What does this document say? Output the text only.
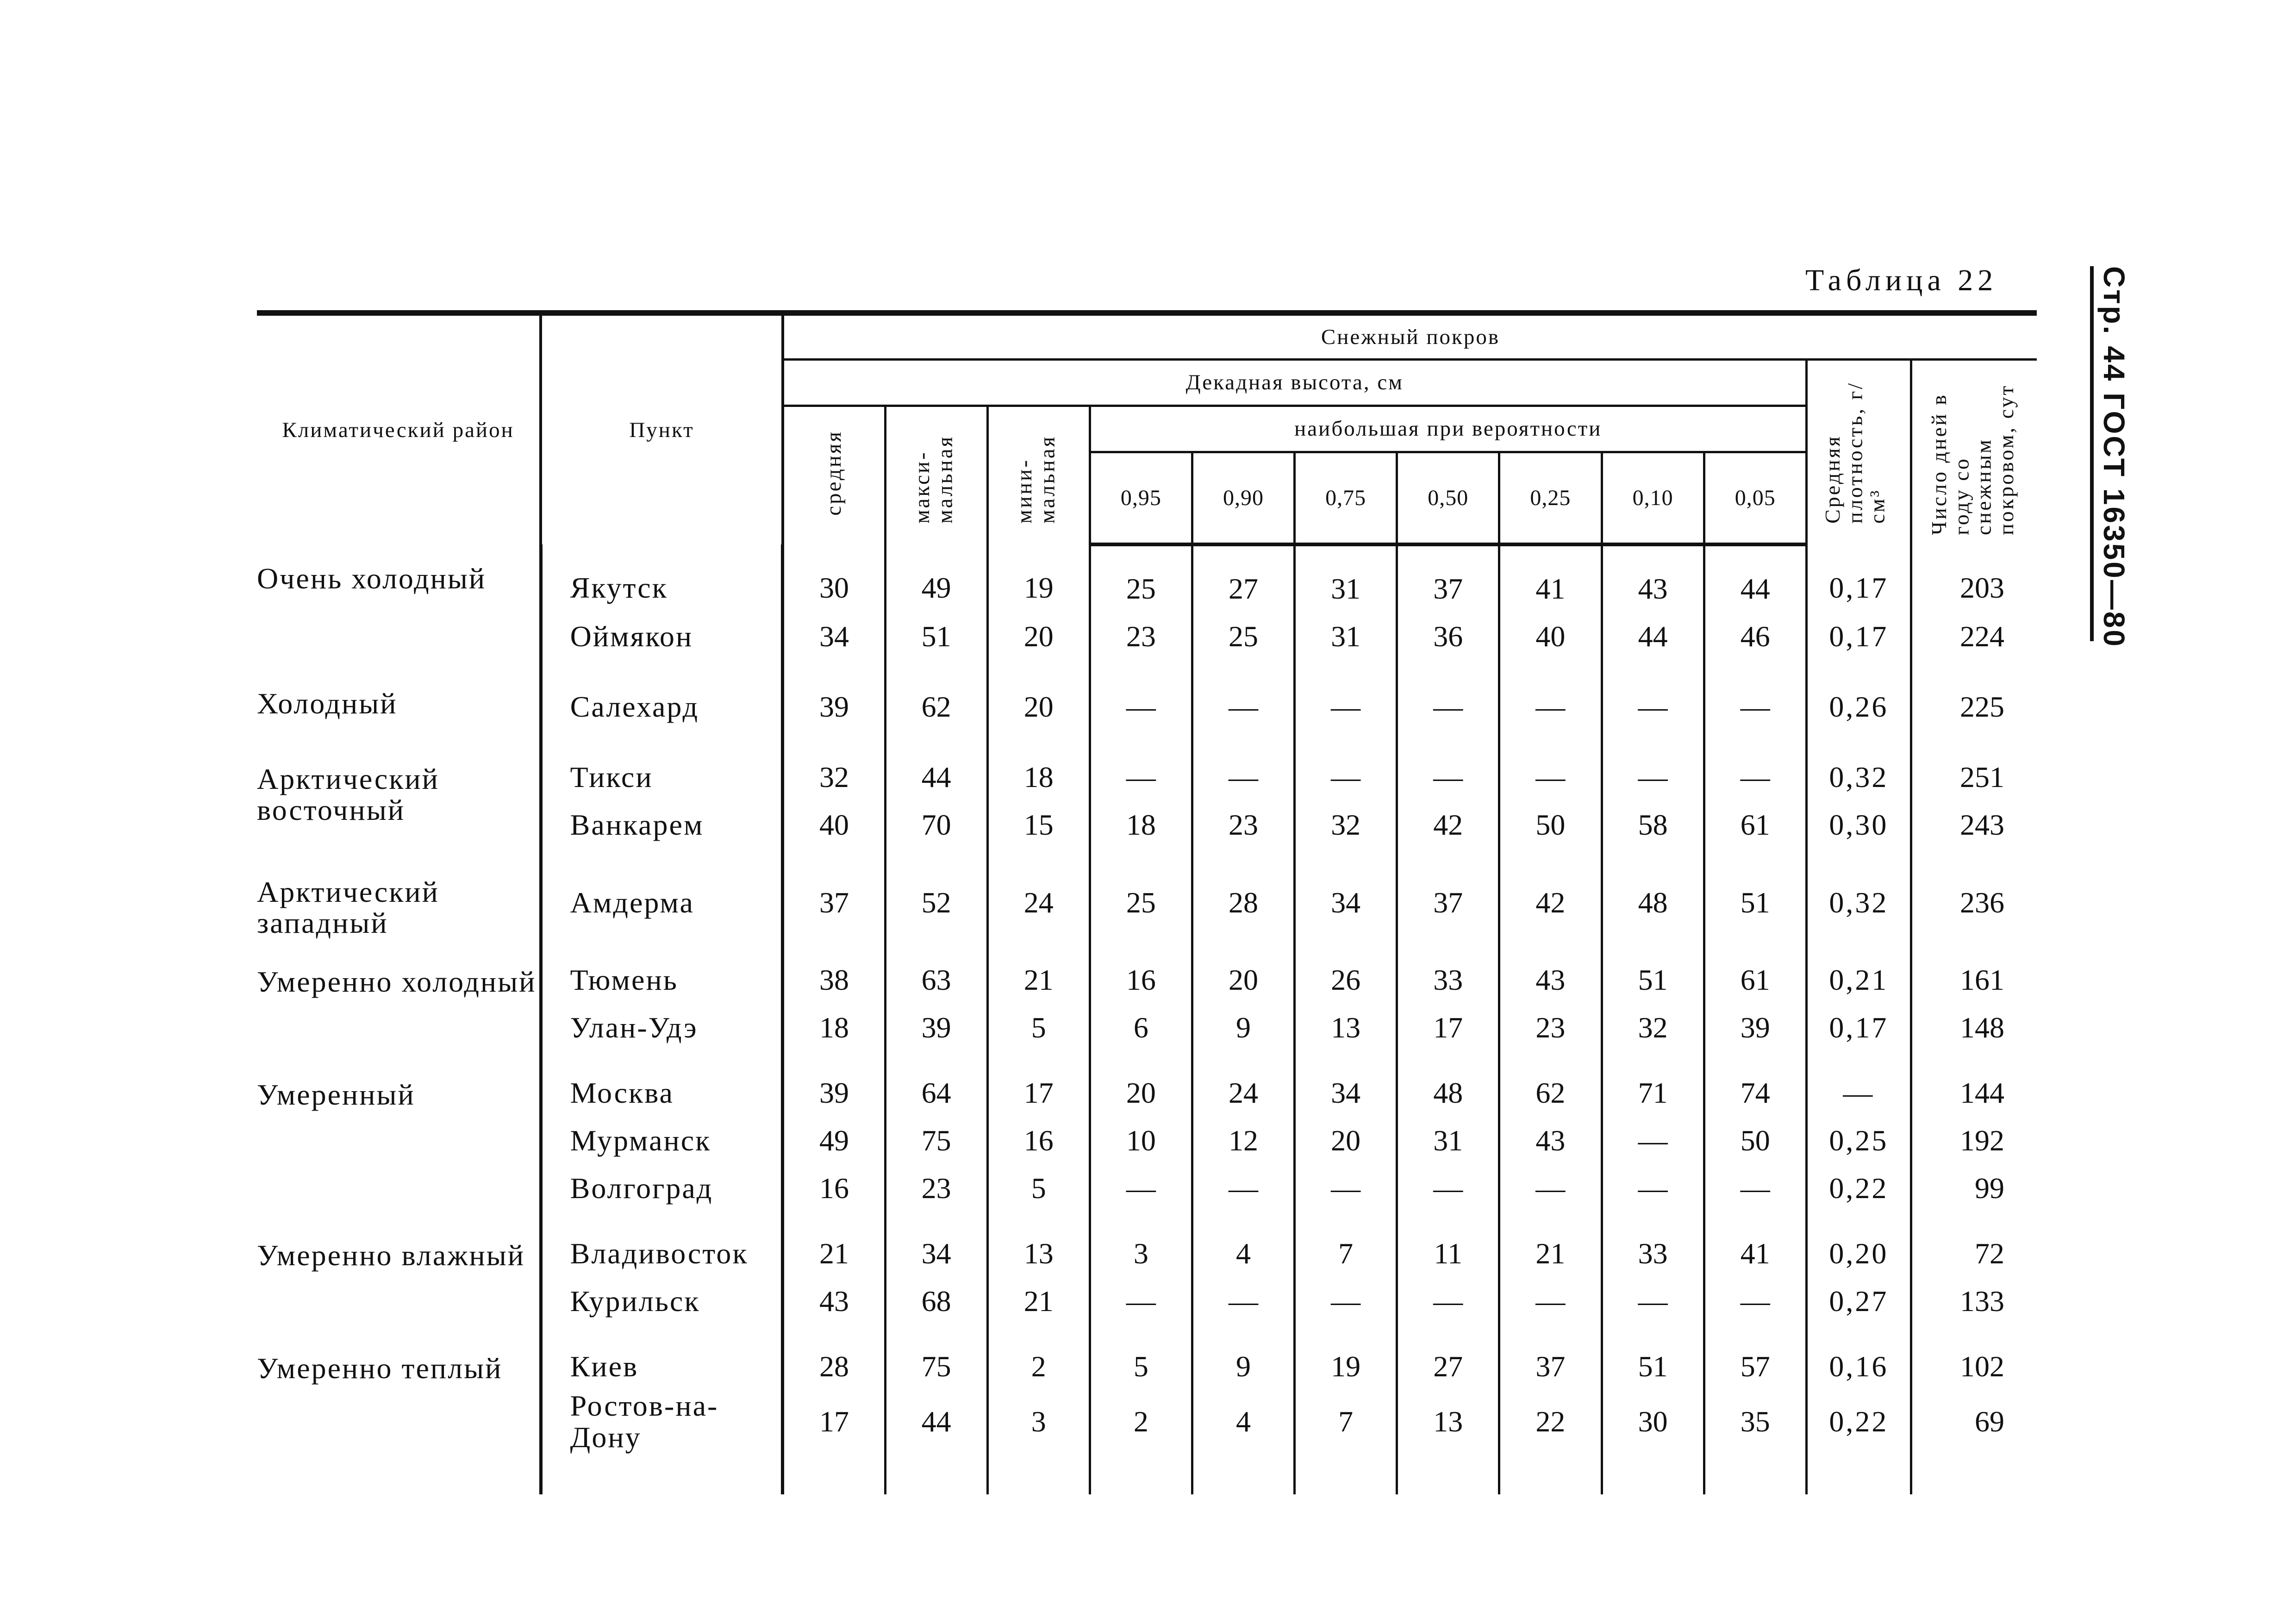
Стр. 44 ГОСТ 16350—80
Таблица 22
Климатический район	Пункт	Снежный покров											
		Декадная высота, см										Средняя плотность, г/см³	Число дней в году со снежным покровом, сут
		средняя	макси- мальная	мини- мальная	наибольшая при вероятности								
					0,95	0,90	0,75	0,50	0,25	0,10	0,05		
Очень холодный	Якутск	30	49	19	25	27	31	37	41	43	44	0,17	203
	Оймякон	34	51	20	23	25	31	36	40	44	46	0,17	224

Холодный	Салехард	39	62	20	—	—	—	—	—	—	—	0,26	225

Арктический восточный	Тикси	32	44	18	—	—	—	—	—	—	—	0,32	251
	Ванкарем	40	70	15	18	23	32	42	50	58	61	0,30	243

Арктический западный	Амдерма	37	52	24	25	28	34	37	42	48	51	0,32	236

Умеренно холодный	Тюмень	38	63	21	16	20	26	33	43	51	61	0,21	161
	Улан-Удэ	18	39	5	6	9	13	17	23	32	39	0,17	148

Умеренный	Москва	39	64	17	20	24	34	48	62	71	74	—	144
	Мурманск	49	75	16	10	12	20	31	43	—	50	0,25	192
	Волгоград	16	23	5	—	—	—	—	—	—	—	0,22	99

Умеренно влажный	Владивосток	21	34	13	3	4	7	11	21	33	41	0,20	72
	Курильск	43	68	21	—	—	—	—	—	—	—	0,27	133

Умеренно теплый	Киев	28	75	2	5	9	19	27	37	51	57	0,16	102
	Ростов-на-Дону	17	44	3	2	4	7	13	22	30	35	0,22	69
